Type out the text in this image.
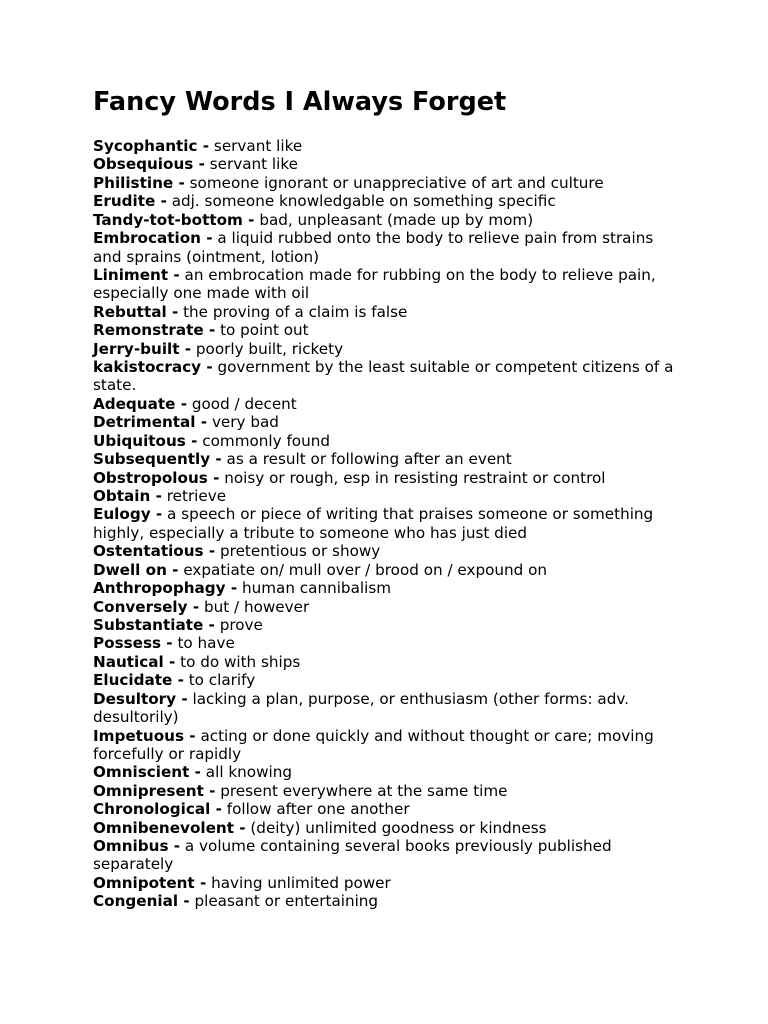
Fancy Words I Always Forget
Sycophantic - servant like
Obsequious - servant like
Philistine - someone ignorant or unappreciative of art and culture
Erudite - adj. someone knowledgable on something specific
Tandy-tot-bottom - bad, unpleasant (made up by mom)
Embrocation - a liquid rubbed onto the body to relieve pain from strains and sprains (ointment, lotion)
Liniment - an embrocation made for rubbing on the body to relieve pain, especially one made with oil
Rebuttal - the proving of a claim is false
Remonstrate - to point out
Jerry-built - poorly built, rickety
kakistocracy - government by the least suitable or competent citizens of a state.
Adequate - good / decent
Detrimental - very bad
Ubiquitous - commonly found
Subsequently - as a result or following after an event
Obstropolous - noisy or rough, esp in resisting restraint or control
Obtain - retrieve
Eulogy - a speech or piece of writing that praises someone or something highly, especially a tribute to someone who has just died
Ostentatious - pretentious or showy
Dwell on - expatiate on/ mull over / brood on / expound on
Anthropophagy - human cannibalism
Conversely - but / however
Substantiate - prove
Possess - to have
Nautical - to do with ships
Elucidate - to clarify
Desultory - lacking a plan, purpose, or enthusiasm (other forms: adv. desultorily)
Impetuous - acting or done quickly and without thought or care; moving forcefully or rapidly
Omniscient - all knowing
Omnipresent - present everywhere at the same time
Chronological - follow after one another
Omnibenevolent - (deity) unlimited goodness or kindness
Omnibus - a volume containing several books previously published separately
Omnipotent - having unlimited power
Congenial - pleasant or entertaining
